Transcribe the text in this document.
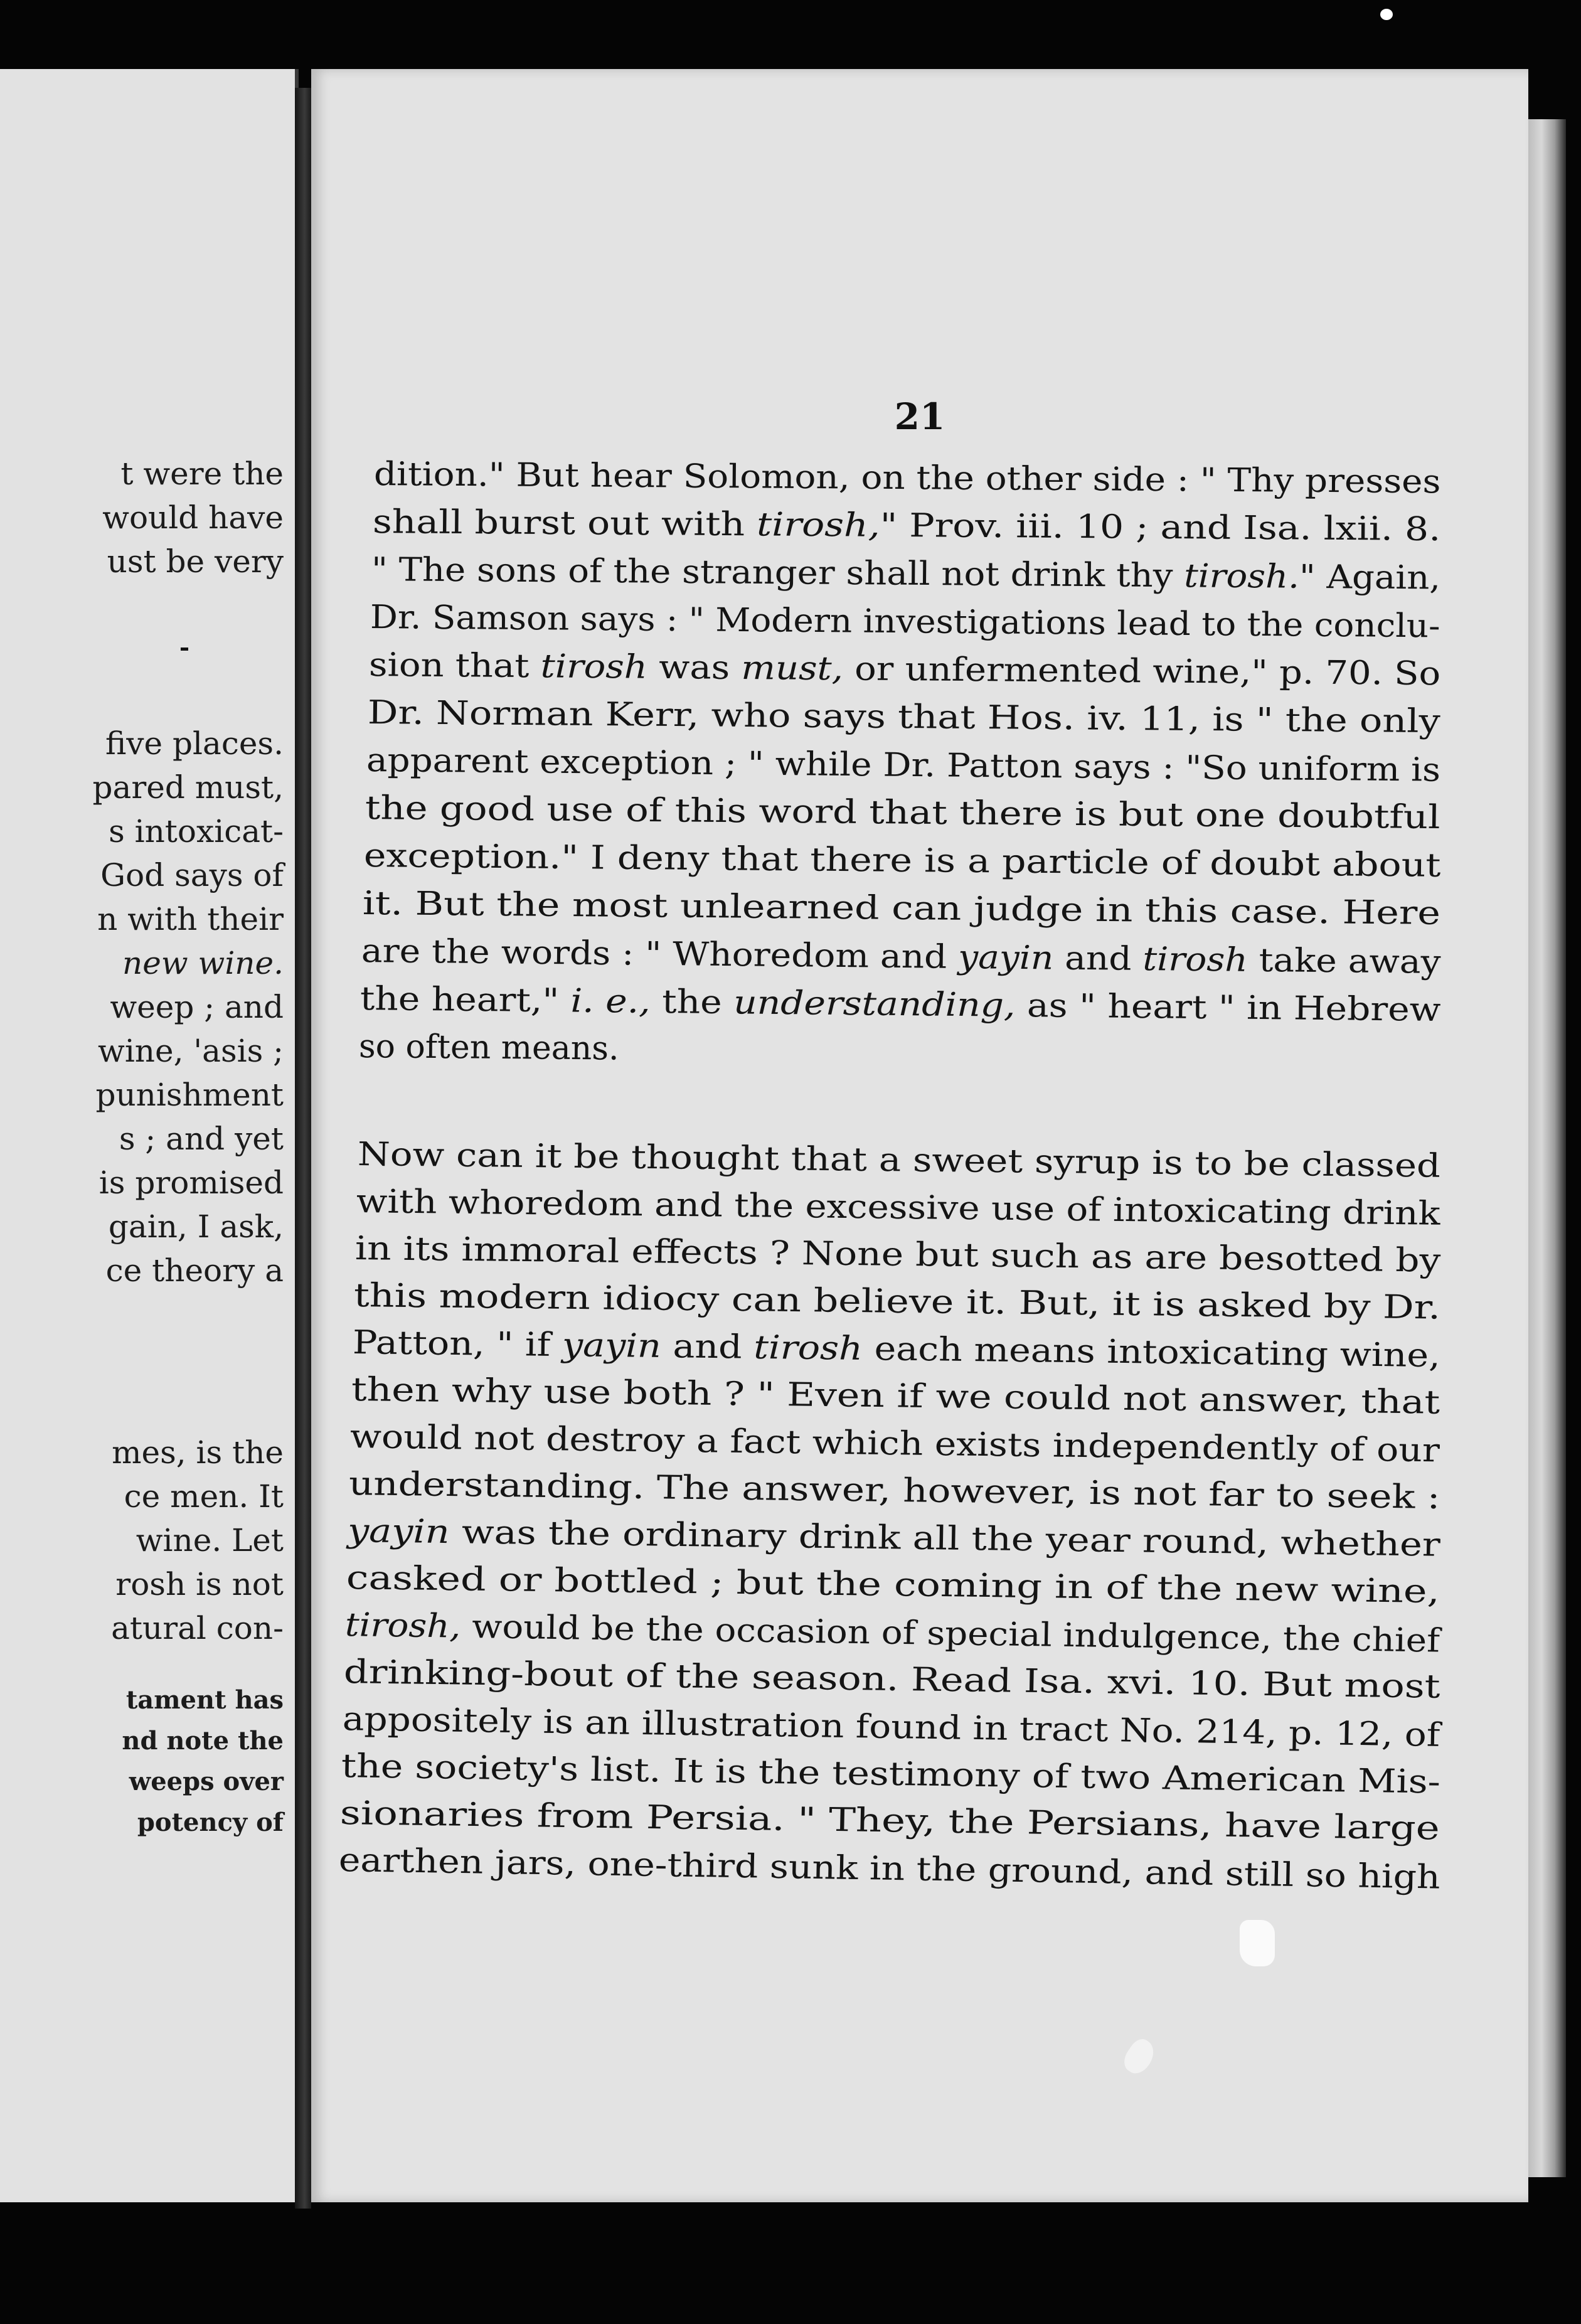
t were the
would have
ust be very
five places.
pared must,
s intoxicat-
God says of
n with their
new wine.
weep ; and
wine, 'asis ;
punishment
s ; and yet
is promised
gain, I ask,
ce theory a
mes, is the
ce men. It
wine. Let
rosh is not
atural con-
tament has
nd note the
weeps over
potency of
21
dition." But hear Solomon, on the other side : " Thy presses
shall burst out with tirosh," Prov. iii. 10 ; and Isa. lxii. 8.
" The sons of the stranger shall not drink thy tirosh." Again,
Dr. Samson says : " Modern investigations lead to the conclu-
sion that tirosh was must, or unfermented wine," p. 70. So
Dr. Norman Kerr, who says that Hos. iv. 11, is " the only
apparent exception ; " while Dr. Patton says : "So uniform is
the good use of this word that there is but one doubtful
exception." I deny that there is a particle of doubt about
it. But the most unlearned can judge in this case. Here
are the words : " Whoredom and yayin and tirosh take away
the heart," i. e., the understanding, as " heart " in Hebrew
so often means.
Now can it be thought that a sweet syrup is to be classed
with whoredom and the excessive use of intoxicating drink
in its immoral effects ? None but such as are besotted by
this modern idiocy can believe it. But, it is asked by Dr.
Patton, " if yayin and tirosh each means intoxicating wine,
then why use both ? " Even if we could not answer, that
would not destroy a fact which exists independently of our
understanding. The answer, however, is not far to seek :
yayin was the ordinary drink all the year round, whether
casked or bottled ; but the coming in of the new wine,
tirosh, would be the occasion of special indulgence, the chief
drinking-bout of the season. Read Isa. xvi. 10. But most
appositely is an illustration found in tract No. 214, p. 12, of
the society's list. It is the testimony of two American Mis-
sionaries from Persia. " They, the Persians, have large
earthen jars, one-third sunk in the ground, and still so high
